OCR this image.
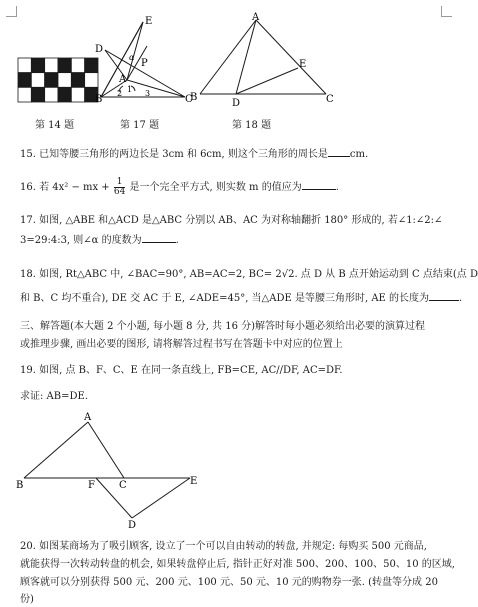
第 14 题
E
D
α
P
A
B	C
2 1 3
第 17 题
A
B	C
D
E
第 18 题
15. 已知等腰三角形的两边长是 3cm 和 6cm, 则这个三角形的周长是 cm.
16. 若 4x² − mx + $\frac{1}{64}$ 是一个完全平方式, 则实数 m 的值应为	.
17. 如图, △ABE 和△ACD 是△ABC 分别以 AB、AC 为对称轴翻折 180° 形成的, 若∠1:∠2:∠
3=29:4:3, 则∠α 的度数为	.
18. 如图, Rt△ABC 中, ∠BAC=90°, AB=AC=2, BC= 2√2. 点 D 从 B 点开始运动到 C 点结束(点 D
和 B、C 均不重合), DE 交 AC 于 E, ∠ADE=45°, 当△ADE 是等腰三角形时, AE 的长度为	.
三、解答题(本大题 2 个小题, 每小题 8 分, 共 16 分)解答时每小题必须给出必要的演算过程
或推理步骤, 画出必要的图形, 请将解答过程书写在答题卡中对应的位置上
19. 如图, 点 B、F、C、E 在同一条直线上, FB=CE, AC//DF, AC=DF.
求证: AB=DE.
A
B	F C	E
D
20. 如图某商场为了吸引顾客, 设立了一个可以自由转动的转盘, 并规定: 每购买 500 元商品,
就能获得一次转动转盘的机会, 如果转盘停止后, 指针正好对准 500、200、100、50、10 的区域,
顾客就可以分别获得 500 元、200 元、100 元、50 元、10 元的购物券一张. (转盘等分成 20
份)
